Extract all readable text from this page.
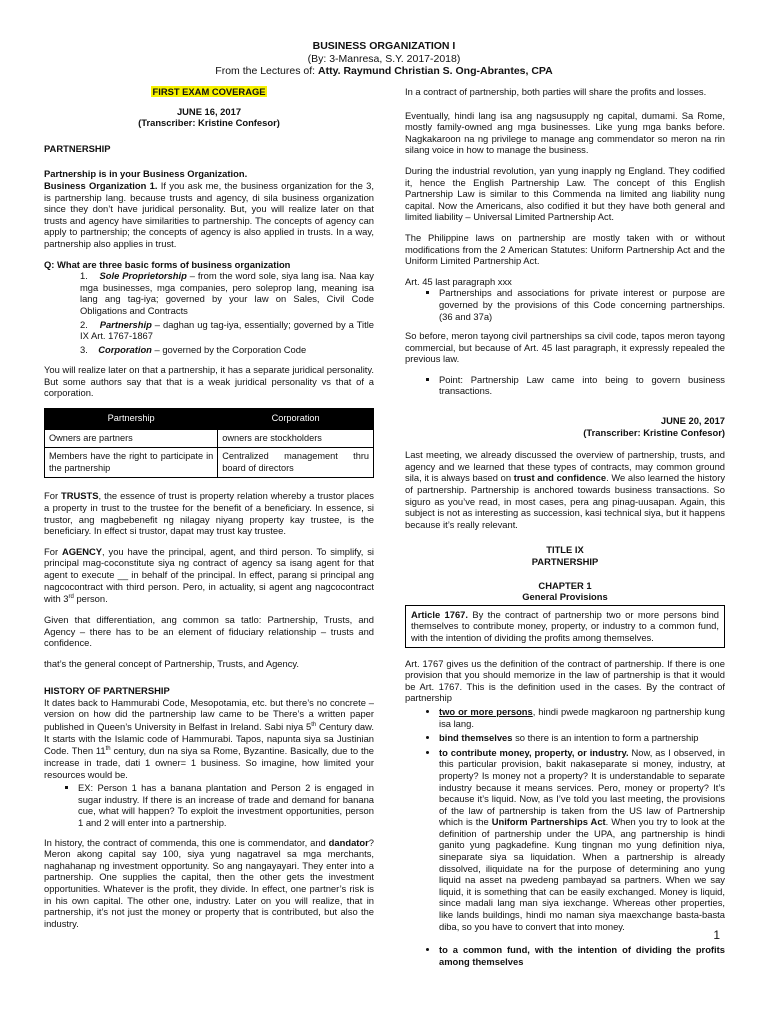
BUSINESS ORGANIZATION I
(By: 3-Manresa, S.Y. 2017-2018)
From the Lectures of: Atty. Raymund Christian S. Ong-Abrantes, CPA

FIRST EXAM COVERAGE

JUNE 16, 2017

(Transcriber: Kristine Confesor)

PARTNERSHIP

Partnership is in your Business Organization.

Business Organization 1. If you ask me, the business organization for the 3, is partnership lang. because trusts and agency, di sila business organization since they don’t have juridical personality. But, you will realize later on that trusts and agency have similarities to partnership. The concepts of agency can apply to partnership; the concepts of agency is also applied in trusts. In a way, partnership also applies in trust.

Q: What are three basic forms of business organization

1. Sole Proprietorship – from the word sole, siya lang isa. Naa kay mga businesses, mga companies, pero soleprop lang, meaning isa lang ang tag-iya; governed by your law on Sales, Civil Code Obligations and Contracts
2. Partnership – daghan ug tag-iya, essentially; governed by a Title IX Art. 1767-1867
3. Corporation – governed by the Corporation Code

You will realize later on that a partnership, it has a separate juridical personality. But some authors say that that is a weak juridical personality vs that of a corporation.

Partnership	Corporation
Owners are partners	owners are stockholders
Members have the right to participate in the partnership	Centralized management thru board of directors

For TRUSTS, the essence of trust is property relation whereby a trustor places a property in trust to the trustee for the benefit of a beneficiary. In essence, si trustor, ang magbebenefit ng nilagay niyang property kay trustee, is the beneficiary. In effect si trustor, dapat may trust kay trustee.

For AGENCY, you have the principal, agent, and third person. To simplify, si principal mag-coconstitute siya ng contract of agency sa isang agent for that agent to execute __ in behalf of the principal. In effect, parang si principal ang nagcocontract with third person. Pero, in actuality, si agent ang nagcocontract with 3rd person.

Given that differentiation, ang common sa tatlo: Partnership, Trusts, and Agency – there has to be an element of fiduciary relationship – trusts and confidence.

that’s the general concept of Partnership, Trusts, and Agency.

HISTORY OF PARTNERSHIP

It dates back to Hammurabi Code, Mesopotamia, etc. but there’s no concrete –version on how did the partnership law came to be There’s a written paper published in Queen’s University in Belfast in Ireland. Sabi niya 5th Century daw. It starts with the Islamic code of Hammurabi. Tapos, napunta siya sa Justinian Code. Then 11th century, dun na siya sa Rome, Byzantine. Basically, due to the increase in trade, dati 1 owner= 1 business. So imagine, how limited your resources would be.

▪ EX: Person 1 has a banana plantation and Person 2 is engaged in sugar industry. If there is an increase of trade and demand for banana cue, what will happen? To exploit the investment opportunities, person 1 and 2 will enter into a partnership.

In history, the contract of commenda, this one is commendator, and dandator? Meron akong capital say 100, siya yung nagatravel sa mga merchants, naghahanap ng investment opportunity. So ang nangayayari. They enter into a partnership. One supplies the capital, then the other gets the investment opportunities. Whatever is the profit, they divide. In effect, one partner’s risk is in his own capital. The other one, industry. Later on you will realize, that in partnership, it’s not just the money or property that is contributed, but also the industry.

In a contract of partnership, both parties will share the profits and losses.

Eventually, hindi lang isa ang nagsusupply ng capital, dumami. Sa Rome, mostly family-owned ang mga businesses. Like yung mga banks before. Nagkakaroon na ng privilege to manage ang commendator so meron na rin silang voice in how to manage the business.

During the industrial revolution, yan yung inapply ng England. They codified it, hence the English Partnership Law. The concept of this English Partnership Law is similar to this Commenda na limited ang liability nung capital. Now the Americans, also codified it but they have both general and limited liability – Universal Limited Partnership Act.

The Philippine laws on partnership are mostly taken with or without modifications from the 2 American Statutes: Uniform Partnership Act and the Uniform Limited Partnership Act.

Art. 45 last paragraph xxx

▪ Partnerships and associations for private interest or purpose are governed by the provisions of this Code concerning partnerships. (36 and 37a)

So before, meron tayong civil partnerships sa civil code, tapos meron tayong commercial, but because of Art. 45 last paragraph, it expressly repealed the previous law.

▪ Point: Partnership Law came into being to govern business transactions.

JUNE 20, 2017

(Transcriber: Kristine Confesor)

Last meeting, we already discussed the overview of partnership, trusts, and agency and we learned that these types of contracts, may common ground sila, it is always based on trust and confidence. We also learned the history of partnership. Partnership is anchored towards business transactions. So siguro as you’ve read, in most cases, pera ang pinag-uusapan. Again, this subject is not as interesting as succession, kasi technical siya, but it happens because it’s really relevant.

TITLE IX

PARTNERSHIP

CHAPTER 1

General Provisions

Article 1767. By the contract of partnership two or more persons bind themselves to contribute money, property, or industry to a common fund, with the intention of dividing the profits among themselves.

Art. 1767 gives us the definition of the contract of partnership. If there is one provision that you should memorize in the law of partnership is that it would be Art. 1767. This is the definition used in the cases. By the contract of partnership

• two or more persons, hindi pwede magkaroon ng partnership kung isa lang.
• bind themselves so there is an intention to form a partnership
• to contribute money, property, or industry. Now, as I observed, in this particular provision, bakit nakaseparate si money, industry, at property? Is money not a property? It is understandable to separate industry because it means services. Pero, money or property? It’s because it’s liquid. Now, as I’ve told you last meeting, the provisions of the law of partnership is taken from the US law of Partnership which is the Uniform Partnerships Act. When you try to look at the definition of partnership under the UPA, ang partnership is hindi ganito yung pagkadefine. Kung tingnan mo yung definition niya, sineparate siya sa liquidation. When a partnership is already dissolved, iliquidate na for the purpose of determining ano yung liquid na asset na pwedeng pambayad sa partners. When we say liquid, it is something that can be easily exchanged. Money is liquid, since madali lang man siya iexchange. Whereas other properties, like lands buildings, hindi mo naman siya maexchange basta-basta diba, so you have to convert that into money.
• to a common fund, with the intention of dividing the profits among themselves
1
